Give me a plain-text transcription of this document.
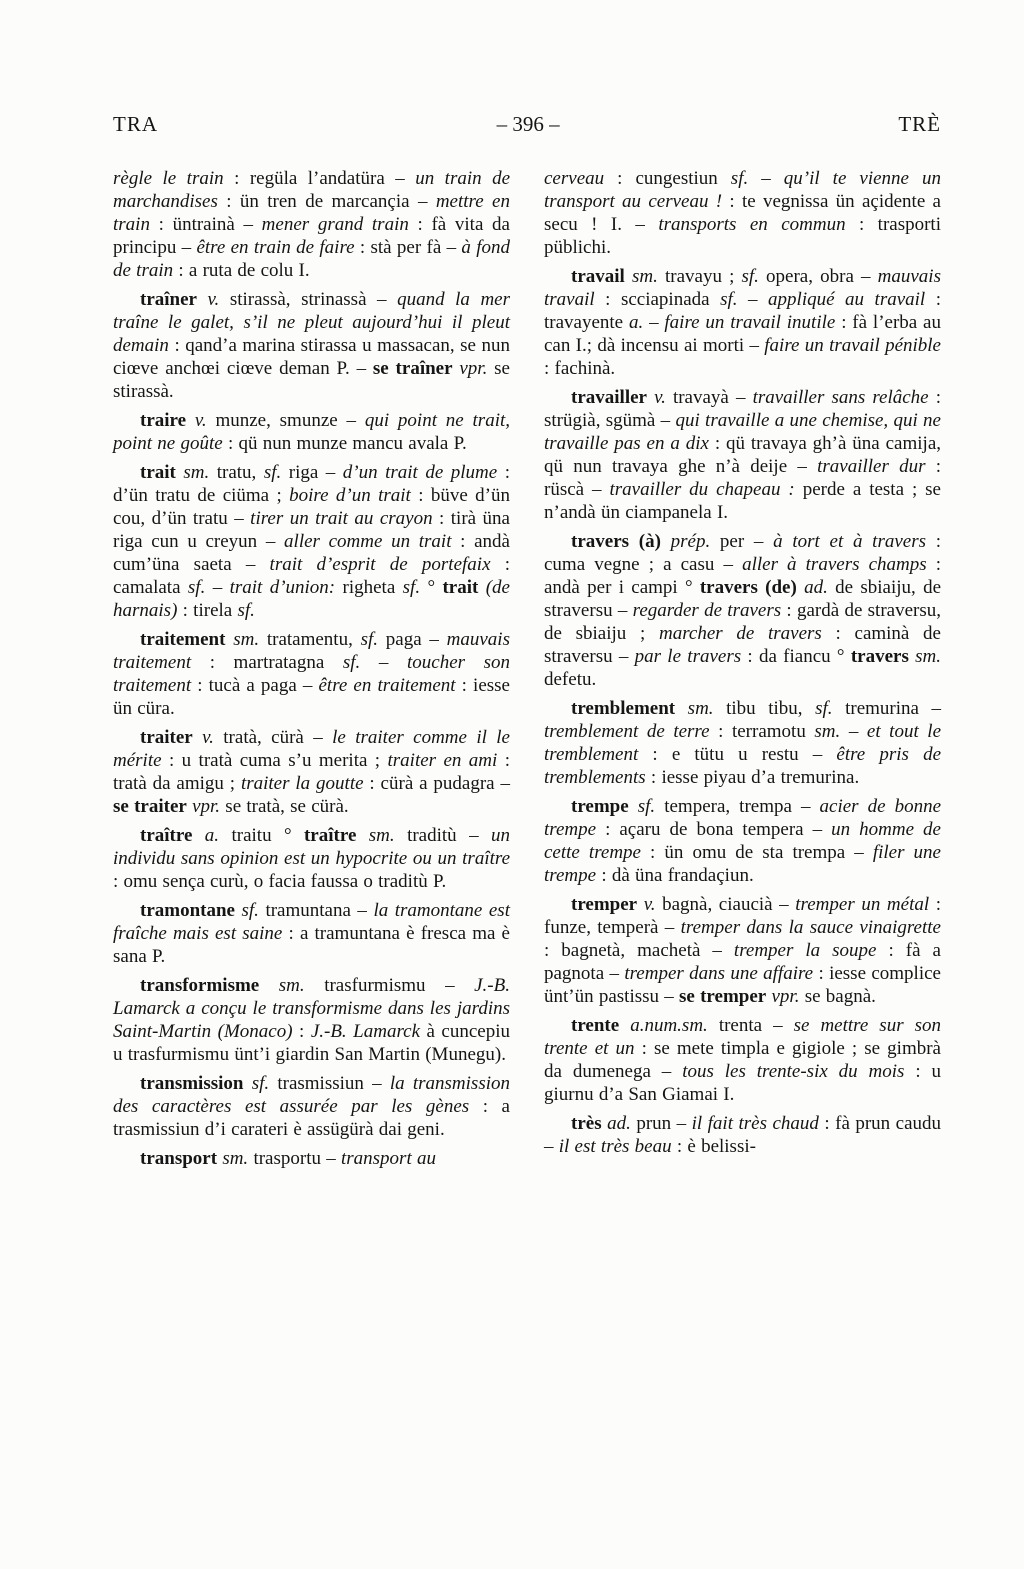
TRA	– 396 –	TRÈ

règle le train : regüla l’andatüra – un train de marchandises : ün tren de marcançia – mettre en train : üntrainà – mener grand train : fà vita da principu – être en train de faire : stà per fà – à fond de train : a ruta de colu I.

traîner v. stirassà, strinassà – quand la mer traîne le galet, s’il ne pleut aujourd’hui il pleut demain : qand’a marina stirassa u massacan, se nun ciœve anchœi ciœve deman P. – se traîner vpr. se stirassà.

traire v. munze, smunze – qui point ne trait, point ne goûte : qü nun munze mancu avala P.

trait sm. tratu, sf. riga – d’un trait de plume : d’ün tratu de ciüma ; boire d’un trait : büve d’ün cou, d’ün tratu – tirer un trait au crayon : tirà üna riga cun u creyun – aller comme un trait : andà cum’üna saeta – trait d’esprit de portefaix : camalata sf. – trait d’union: righeta sf. ° trait (de harnais) : tirela sf.

traitement sm. tratamentu, sf. paga – mauvais traitement : martratagna sf. – toucher son traitement : tucà a paga – être en traitement : iesse ün cüra.

traiter v. tratà, cürà – le traiter comme il le mérite : u tratà cuma s’u merita ; traiter en ami : tratà da amigu ; traiter la goutte : cürà a pudagra – se traiter vpr. se tratà, se cürà.

traître a. traitu ° traître sm. traditù – un individu sans opinion est un hypocrite ou un traître : omu sença curù, o facia faussa o traditù P.

tramontane sf. tramuntana – la tramontane est fraîche mais est saine : a tramuntana è fresca ma è sana P.

transformisme sm. trasfurmismu – J.-B. Lamarck a conçu le transformisme dans les jardins Saint-Martin (Monaco) : J.-B. Lamarck à cuncepiu u trasfurmismu ünt’i giardin San Martin (Munegu).

transmission sf. trasmissiun – la transmission des caractères est assurée par les gènes : a trasmissiun d’i carateri è assügürà dai geni.

transport sm. trasportu – transport au

cerveau : cungestiun sf. – qu’il te vienne un transport au cerveau ! : te vegnissa ün açidente a secu ! I. – transports en commun : trasporti püblichi.

travail sm. travayu ; sf. opera, obra – mauvais travail : scciapinada sf. – appliqué au travail : travayente a. – faire un travail inutile : fà l’erba au can I.; dà incensu ai morti – faire un travail pénible : fachinà.

travailler v. travayà – travailler sans relâche : strügià, sgümà – qui travaille a une chemise, qui ne travaille pas en a dix : qü travaya gh’à üna camija, qü nun travaya ghe n’à deije – travailler dur : rüscà – travailler du chapeau : perde a testa ; se n’andà ün ciampanela I.

travers (à) prép. per – à tort et à travers : cuma vegne ; a casu – aller à travers champs : andà per i campi ° travers (de) ad. de sbiaiju, de straversu – regarder de travers : gardà de straversu, de sbiaiju ; marcher de travers : caminà de straversu – par le travers : da fiancu ° travers sm. defetu.

tremblement sm. tibu tibu, sf. tremurina – tremblement de terre : terramotu sm. – et tout le tremblement : e tütu u restu – être pris de tremblements : iesse piyau d’a tremurina.

trempe sf. tempera, trempa – acier de bonne trempe : açaru de bona tempera – un homme de cette trempe : ün omu de sta trempa – filer une trempe : dà üna frandaçiun.

tremper v. bagnà, ciaucià – tremper un métal : funze, temperà – tremper dans la sauce vinaigrette : bagnetà, machetà – tremper la soupe : fà a pagnota – tremper dans une affaire : iesse complice ünt’ün pastissu – se tremper vpr. se bagnà.

trente a.num.sm. trenta – se mettre sur son trente et un : se mete timpla e gigiole ; se gimbrà da dumenega – tous les trente-six du mois : u giurnu d’a San Giamai I.

très ad. prun – il fait très chaud : fà prun caudu – il est très beau : è belissi-
